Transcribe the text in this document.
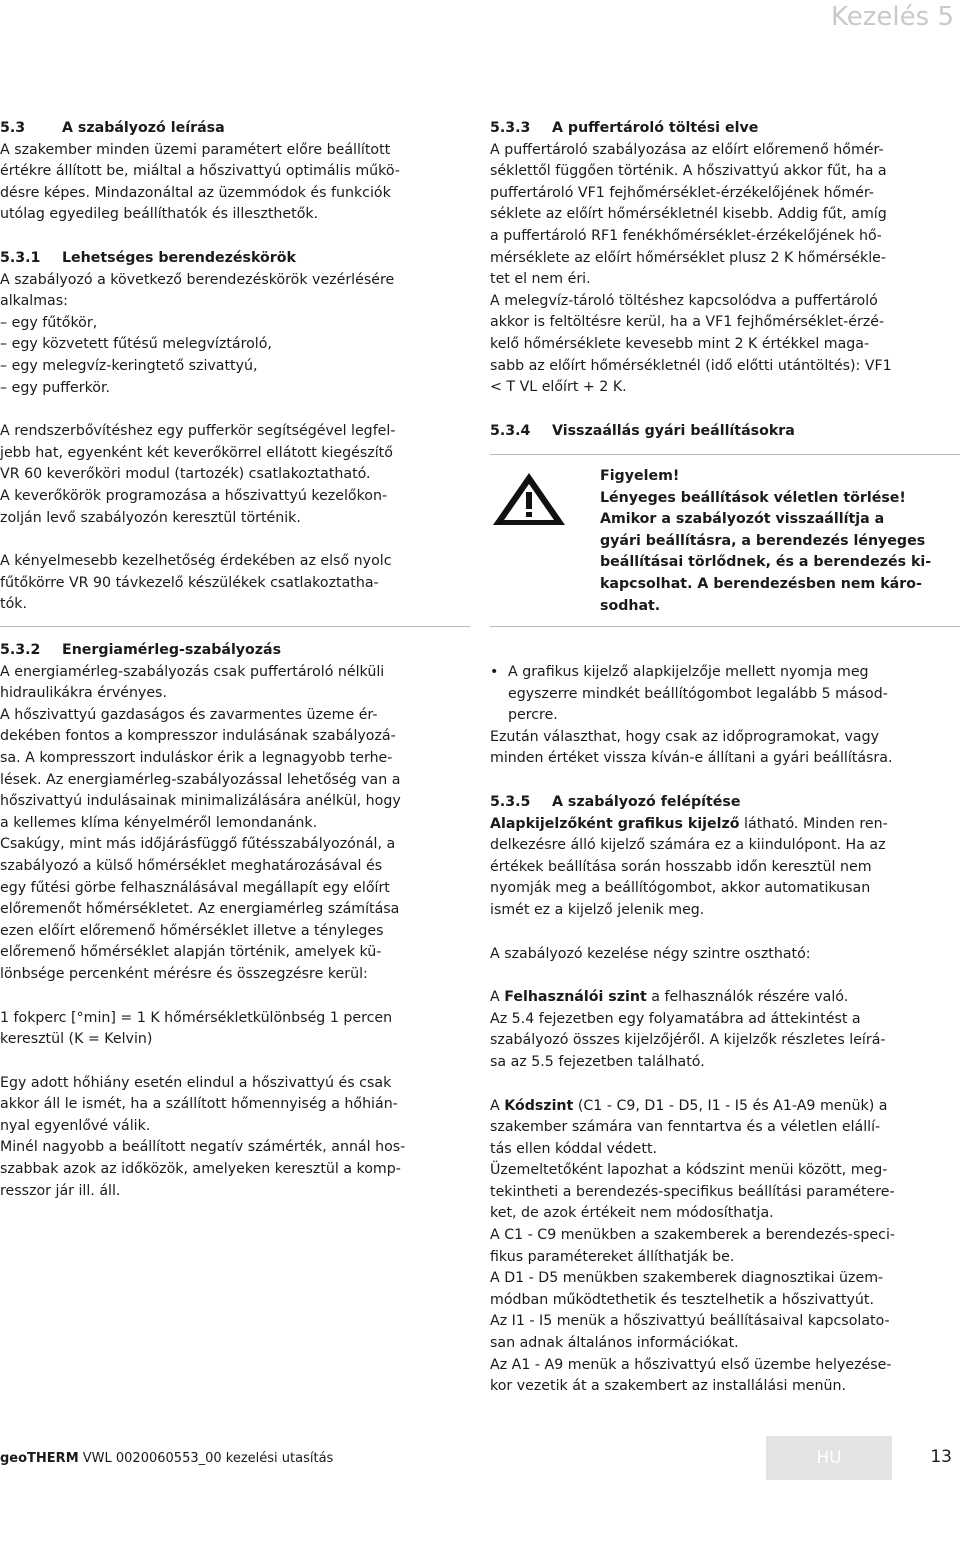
Kezelés 5
5.3	A szabályozó leírása
A szakember minden üzemi paramétert előre beállított
értékre állított be, miáltal a hőszivattyú optimális műkö-
désre képes. Mindazonáltal az üzemmódok és funkciók
utólag egyedileg beállíthatók és illeszthetők.
5.3.1 Lehetséges berendezéskörök
A szabályozó a következő berendezéskörök vezérlésére
alkalmas:
– egy fűtőkör,
– egy közvetett fűtésű melegvíztároló,
– egy melegvíz-keringtető szivattyú,
– egy pufferkör.
A rendszerbővítéshez egy pufferkör segítségével legfel-
jebb hat, egyenként két keverőkörrel ellátott kiegészítő
VR 60 keverőköri modul (tartozék) csatlakoztatható.
A keverőkörök programozása a hőszivattyú kezelőkon-
zolján levő szabályozón keresztül történik.
A kényelmesebb kezelhetőség érdekében az első nyolc
fűtőkörre VR 90 távkezelő készülékek csatlakoztatha-
tók.
5.3.2 Energiamérleg-szabályozás
A energiamérleg-szabályozás csak puffertároló nélküli
hidraulikákra érvényes.
A hőszivattyú gazdaságos és zavarmentes üzeme ér-
dekében fontos a kompresszor indulásának szabályozá-
sa. A kompresszort induláskor érik a legnagyobb terhe-
lések. Az energiamérleg-szabályozással lehetőség van a
hőszivattyú indulásainak minimalizálására anélkül, hogy
a kellemes klíma kényelméről lemondanánk.
Csakúgy, mint más időjárásfüggő fűtésszabályozónál, a
szabályozó a külső hőmérséklet meghatározásával és
egy fűtési görbe felhasználásával megállapít egy előírt
előremenőt hőmérsékletet. Az energiamérleg számítása
ezen előírt előremenő hőmérséklet illetve a tényleges
előremenő hőmérséklet alapján történik, amelyek kü-
lönbsége percenként mérésre és összegzésre kerül:
1 fokperc [°min] = 1 K hőmérsékletkülönbség 1 percen
keresztül (K = Kelvin)
Egy adott hőhiány esetén elindul a hőszivattyú és csak
akkor áll le ismét, ha a szállított hőmennyiség a hőhián-
nyal egyenlővé válik.
Minél nagyobb a beállított negatív számérték, annál hos-
szabbak azok az időközök, amelyeken keresztül a komp-
resszor jár ill. áll.
5.3.3 A puffertároló töltési elve
A puffertároló szabályozása az előírt előremenő hőmér-
séklettől függően történik. A hőszivattyú akkor fűt, ha a
puffertároló VF1 fejhőmérséklet-érzékelőjének hőmér-
séklete az előírt hőmérsékletnél kisebb. Addig fűt, amíg
a puffertároló RF1 fenékhőmérséklet-érzékelőjének hő-
mérséklete az előírt hőmérséklet plusz 2 K hőmérsékle-
tet el nem éri.
A melegvíz-tároló töltéshez kapcsolódva a puffertároló
akkor is feltöltésre kerül, ha a VF1 fejhőmérséklet-érzé-
kelő hőmérséklete kevesebb mint 2 K értékkel maga-
sabb az előírt hőmérsékletnél (idő előtti utántöltés): VF1
< T VL előírt + 2 K.
5.3.4 Visszaállás gyári beállításokra
Figyelem!
Lényeges beállítások véletlen törlése!
Amikor a szabályozót visszaállítja a
gyári beállításra, a berendezés lényeges
beállításai törlődnek, és a berendezés ki-
kapcsolhat. A berendezésben nem káro-
sodhat.
• A grafikus kijelző alapkijelzője mellett nyomja meg
egyszerre mindkét beállítógombot legalább 5 másod-
percre.
Ezután választhat, hogy csak az időprogramokat, vagy
minden értéket vissza kíván-e állítani a gyári beállításra.
5.3.5 A szabályozó felépítése
Alapkijelzőként grafikus kijelző látható. Minden ren-
delkezésre álló kijelző számára ez a kiindulópont. Ha az
értékek beállítása során hosszabb időn keresztül nem
nyomják meg a beállítógombot, akkor automatikusan
ismét ez a kijelző jelenik meg.
A szabályozó kezelése négy szintre osztható:
A Felhasználói szint a felhasználók részére való.
Az 5.4 fejezetben egy folyamatábra ad áttekintést a
szabályozó összes kijelzőjéről. A kijelzők részletes leírá-
sa az 5.5 fejezetben található.
A Kódszint (C1 - C9, D1 - D5, I1 - I5 és A1-A9 menük) a
szakember számára van fenntartva és a véletlen elállí-
tás ellen kóddal védett.
Üzemeltetőként lapozhat a kódszint menüi között, meg-
tekintheti a berendezés-specifikus beállítási paramétere-
ket, de azok értékeit nem módosíthatja.
A C1 - C9 menükben a szakemberek a berendezés-speci-
fikus paramétereket állíthatják be.
A D1 - D5 menükben szakemberek diagnosztikai üzem-
módban működtethetik és tesztelhetik a hőszivattyút.
Az I1 - I5 menük a hőszivattyú beállításaival kapcsolato-
san adnak általános információkat.
Az A1 - A9 menük a hőszivattyú első üzembe helyezése-
kor vezetik át a szakembert az installálási menün.
geoTHERM VWL 0020060553_00 kezelési utasítás	HU	13
